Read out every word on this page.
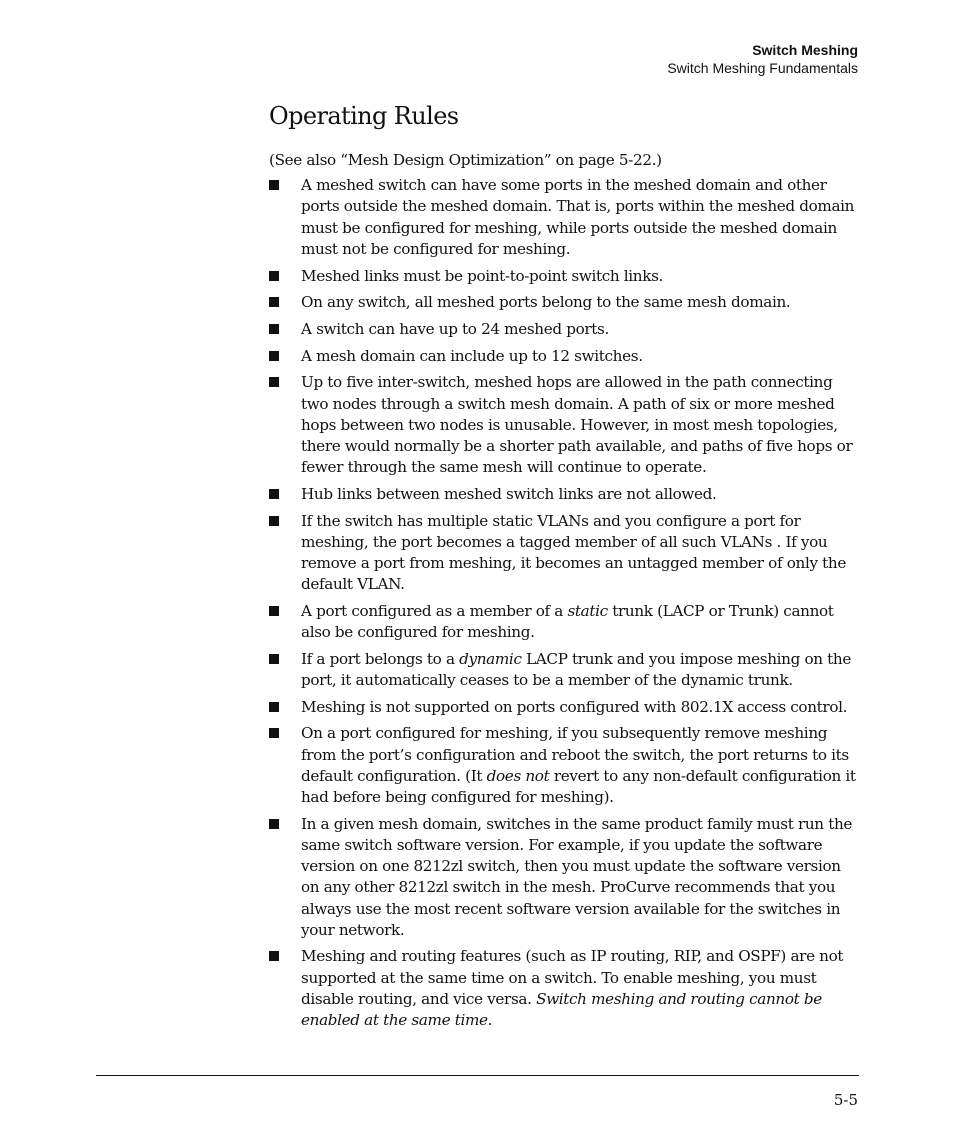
Switch Meshing
Switch Meshing Fundamentals
Operating Rules

(See also “Mesh Design Optimization” on page 5-22.)

A meshed switch can have some ports in the meshed domain and other ports outside the meshed domain. That is, ports within the meshed domain must be configured for meshing, while ports outside the meshed domain must not be configured for meshing.
Meshed links must be point-to-point switch links.
On any switch, all meshed ports belong to the same mesh domain.
A switch can have up to 24 meshed ports.
A mesh domain can include up to 12 switches.
Up to five inter-switch, meshed hops are allowed in the path connecting two nodes through a switch mesh domain. A path of six or more meshed hops between two nodes is unusable. However, in most mesh topologies, there would normally be a shorter path available, and paths of five hops or fewer through the same mesh will continue to operate.
Hub links between meshed switch links are not allowed.
If the switch has multiple static VLANs and you configure a port for meshing, the port becomes a tagged member of all such VLANs . If you remove a port from meshing, it becomes an untagged member of only the default VLAN.
A port configured as a member of a static trunk (LACP or Trunk) cannot also be configured for meshing.
If a port belongs to a dynamic LACP trunk and you impose meshing on the port, it automatically ceases to be a member of the dynamic trunk.
Meshing is not supported on ports configured with 802.1X access control.
On a port configured for meshing, if you subsequently remove meshing from the port’s configuration and reboot the switch, the port returns to its default configuration. (It does not revert to any non-default configuration it had before being configured for meshing).
In a given mesh domain, switches in the same product family must run the same switch software version. For example, if you update the software version on one 8212zl switch, then you must update the software version on any other 8212zl switch in the mesh. ProCurve recommends that you always use the most recent software version available for the switches in your network.
Meshing and routing features (such as IP routing, RIP, and OSPF) are not supported at the same time on a switch. To enable meshing, you must disable routing, and vice versa. Switch meshing and routing cannot be enabled at the same time.
5-5
